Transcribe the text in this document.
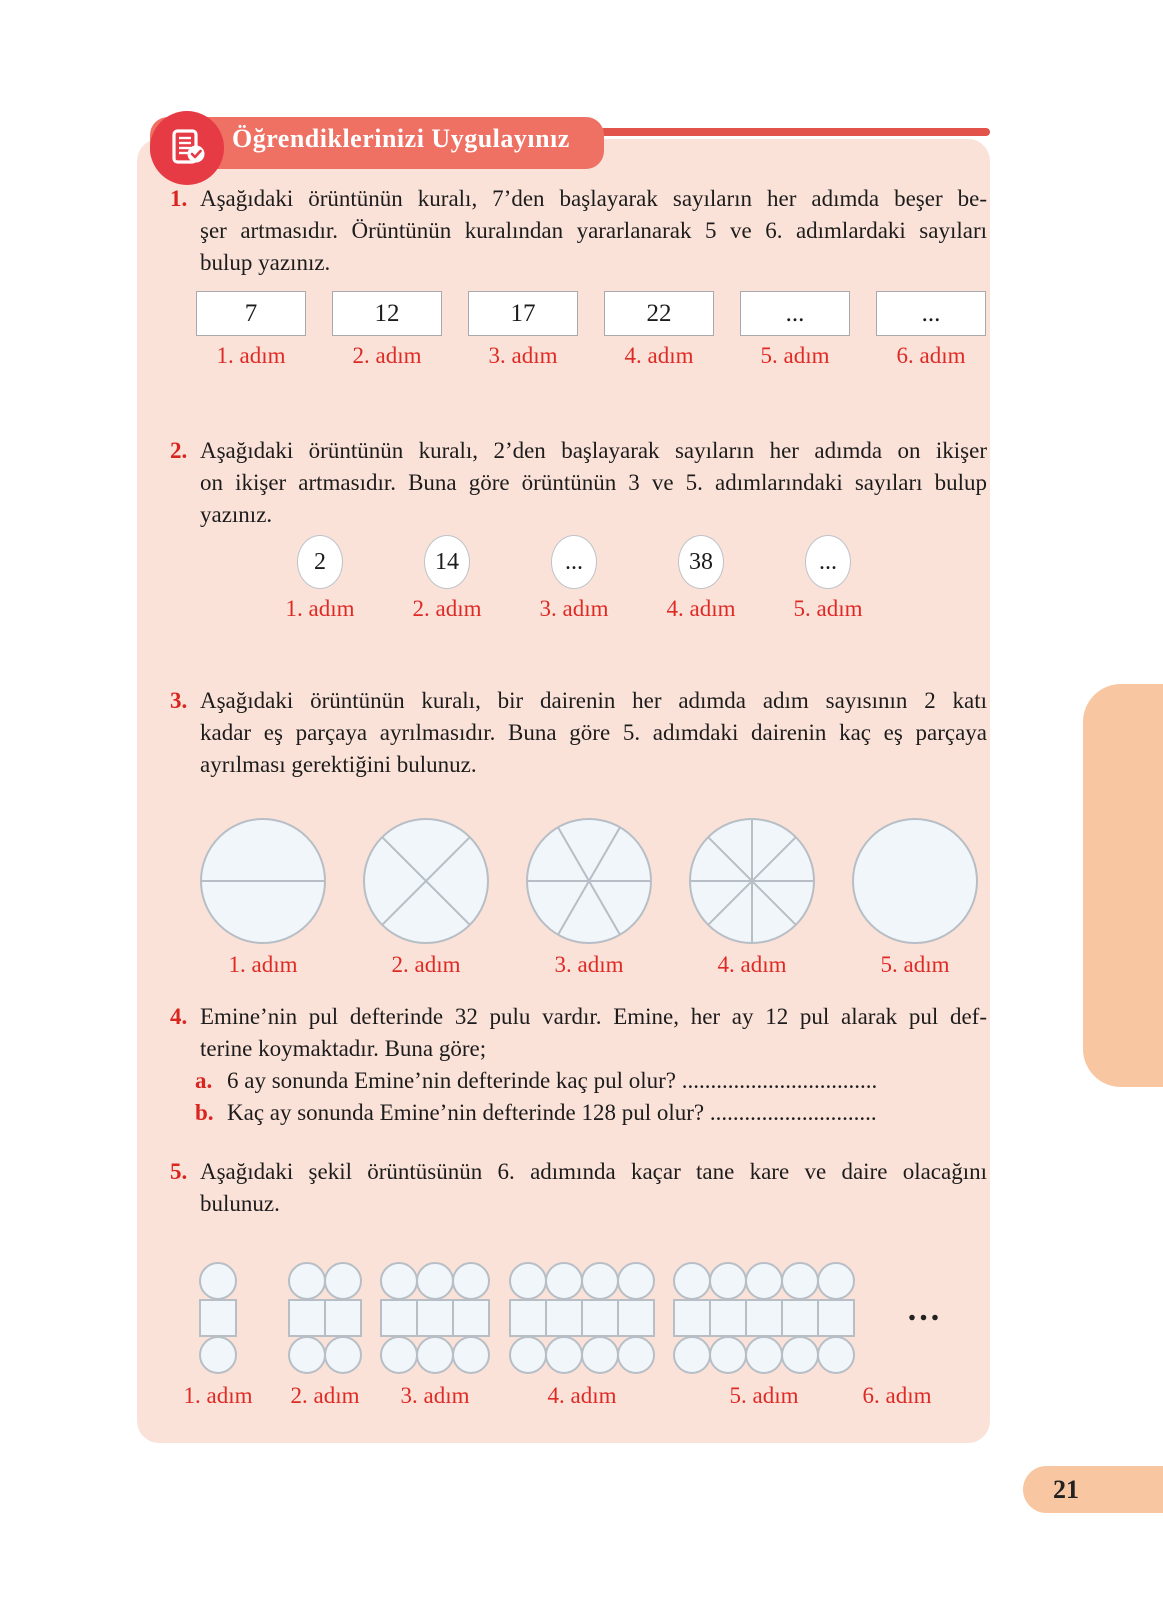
1. Aşağıdaki örüntünün kuralı, 7’den başlayarak sayıların her adımda beşer be-
şer artmasıdır. Örüntünün kuralından yararlanarak 5 ve 6. adımlardaki sayıları
bulup yazınız.
7
1. adım
12
2. adım
17
3. adım
22
4. adım
...
5. adım
...
6. adım
2. Aşağıdaki örüntünün kuralı, 2’den başlayarak sayıların her adımda on ikişer
on ikişer artmasıdır. Buna göre örüntünün 3 ve 5. adımlarındaki sayıları bulup
yazınız.
2
1. adım
14
2. adım
...
3. adım
38
4. adım
...
5. adım
3. Aşağıdaki örüntünün kuralı, bir dairenin her adımda adım sayısının 2 katı
kadar eş parçaya ayrılmasıdır. Buna göre 5. adımdaki dairenin kaç eş parçaya
ayrılması gerektiğini bulunuz.
1. adım	2. adım	3. adım	4. adım	5. adım
4. Emine’nin pul defterinde 32 pulu vardır. Emine, her ay 12 pul alarak pul def-
terine koymaktadır. Buna göre;
a. 6 ay sonunda Emine’nin defterinde kaç pul olur? ..................................
b. Kaç ay sonunda Emine’nin defterinde 128 pul olur? .............................
5. Aşağıdaki şekil örüntüsünün 6. adımında kaçar tane kare ve daire olacağını
bulunuz.
...
1. adım	2. adım	3. adım	4. adım	5. adım	6. adım
Öğrendiklerinizi Uygulayınız
21
